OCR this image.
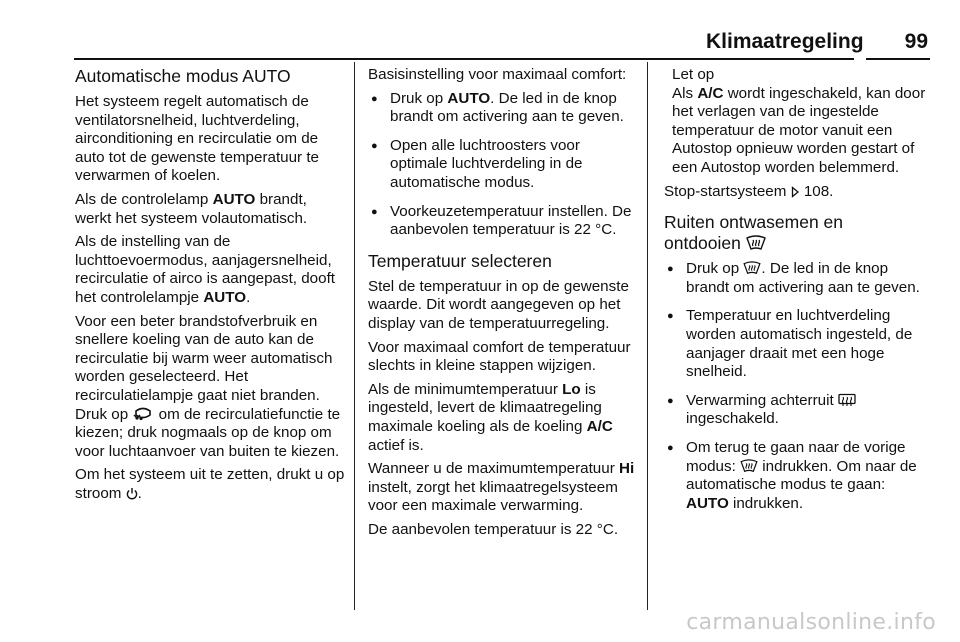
Klimaatregeling	99
Automatische modus AUTO

Het systeem regelt automatisch de ventilatorsnelheid, luchtverdeling, airconditioning en recirculatie om de auto tot de gewenste temperatuur te verwarmen of koelen.

Als de controlelamp AUTO brandt, werkt het systeem volautomatisch.

Als de instelling van de luchttoevoermodus, aanjagersnelheid, recirculatie of airco is aangepast, dooft het controlelampje AUTO.

Voor een beter brandstofverbruik en snellere koeling van de auto kan de recirculatie bij warm weer automatisch worden geselecteerd. Het recirculatielampje gaat niet branden. Druk op
om de recirculatiefunctie te kiezen; druk nogmaals op de knop om voor luchtaanvoer van buiten te kiezen.

Om het systeem uit te zetten, drukt u op stroom
.

Basisinstelling voor maximaal comfort:

● Druk op AUTO. De led in de knop brandt om activering aan te geven.
● Open alle luchtroosters voor optimale luchtverdeling in de automatische modus.
● Voorkeuzetemperatuur instellen. De aanbevolen temperatuur is 22 °C.
Temperatuur selecteren

Stel de temperatuur in op de gewenste waarde. Dit wordt aangegeven op het display van de temperatuurregeling.

Voor maximaal comfort de temperatuur slechts in kleine stappen wijzigen.

Als de minimumtemperatuur Lo is ingesteld, levert de klimaatregeling maximale koeling als de koeling A/C actief is.

Wanneer u de maximumtemperatuur Hi instelt, zorgt het klimaatregelsysteem voor een maximale verwarming.

De aanbevolen temperatuur is 22 °C.

Let op

Als A/C wordt ingeschakeld, kan door het verlagen van de ingestelde temperatuur de motor vanuit een Autostop opnieuw worden gestart of een Autostop worden belemmerd.

Stop-startsysteem
108.

Ruiten ontwasemen en
ontdooien
● Druk op
. De led in de knop brandt om activering aan te geven.
● Temperatuur en luchtverdeling worden automatisch ingesteld, de aanjager draait met een hoge snelheid.
● Verwarming achterruit
ingeschakeld.
● Om terug te gaan naar de vorige modus:
indrukken. Om naar de automatische modus te gaan: AUTO indrukken.
carmanualsonline.info
